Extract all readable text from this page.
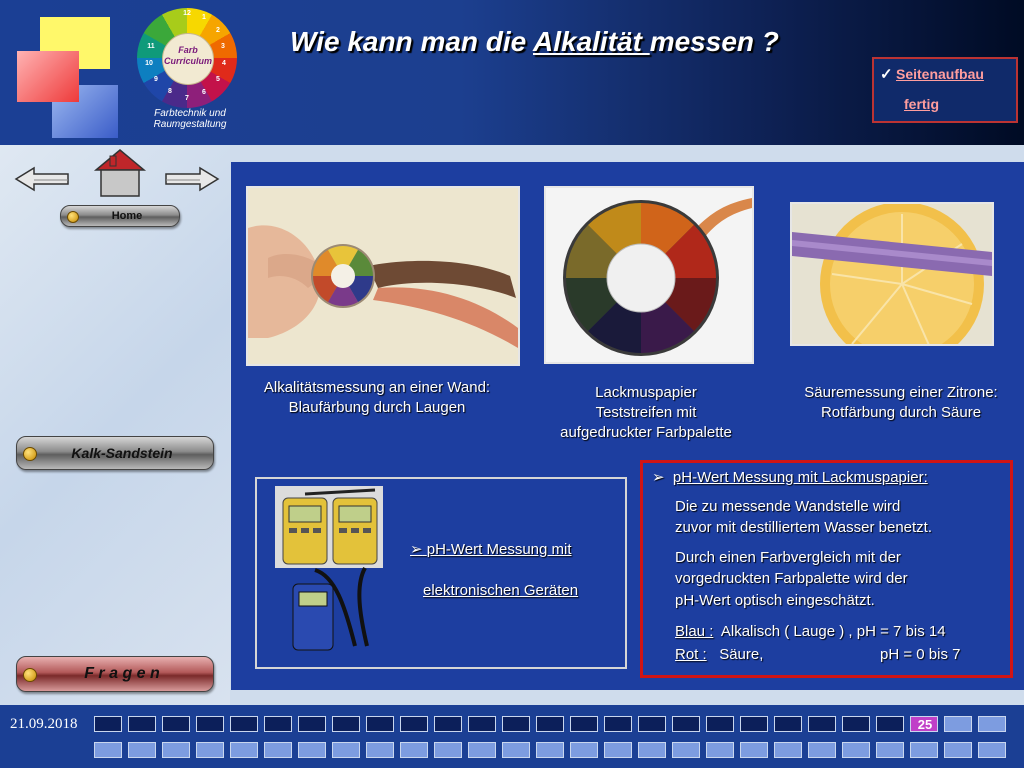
12
1
2
3
4
5
6
7
8
9
10
11	Farb Curriculum
Farbtechnik und
Raumgestaltung
Wie kann man die Alkalität messen ?
✓ Seitenaufbau
fertig
Home
Kalk-Sandstein
F r a g e n
Alkalitätsmessung an einer Wand:
Blaufärbung durch Laugen
Lackmuspapier
Teststreifen mit
aufgedruckter Farbpalette
Säuremessung einer Zitrone:
Rotfärbung durch Säure
➢ pH-Wert Messung mit
elektronischen Geräten
➢ pH-Wert Messung mit Lackmuspapier:
Die zu messende Wandstelle wird
zuvor mit destilliertem Wasser benetzt.
Durch einen Farbvergleich mit der
vorgedruckten Farbpalette wird der
pH-Wert optisch eingeschätzt.
Blau : Alkalisch ( Lauge ) , pH = 7 bis 14
Rot : Säure,	pH = 0 bis 7
21.09.2018	25
